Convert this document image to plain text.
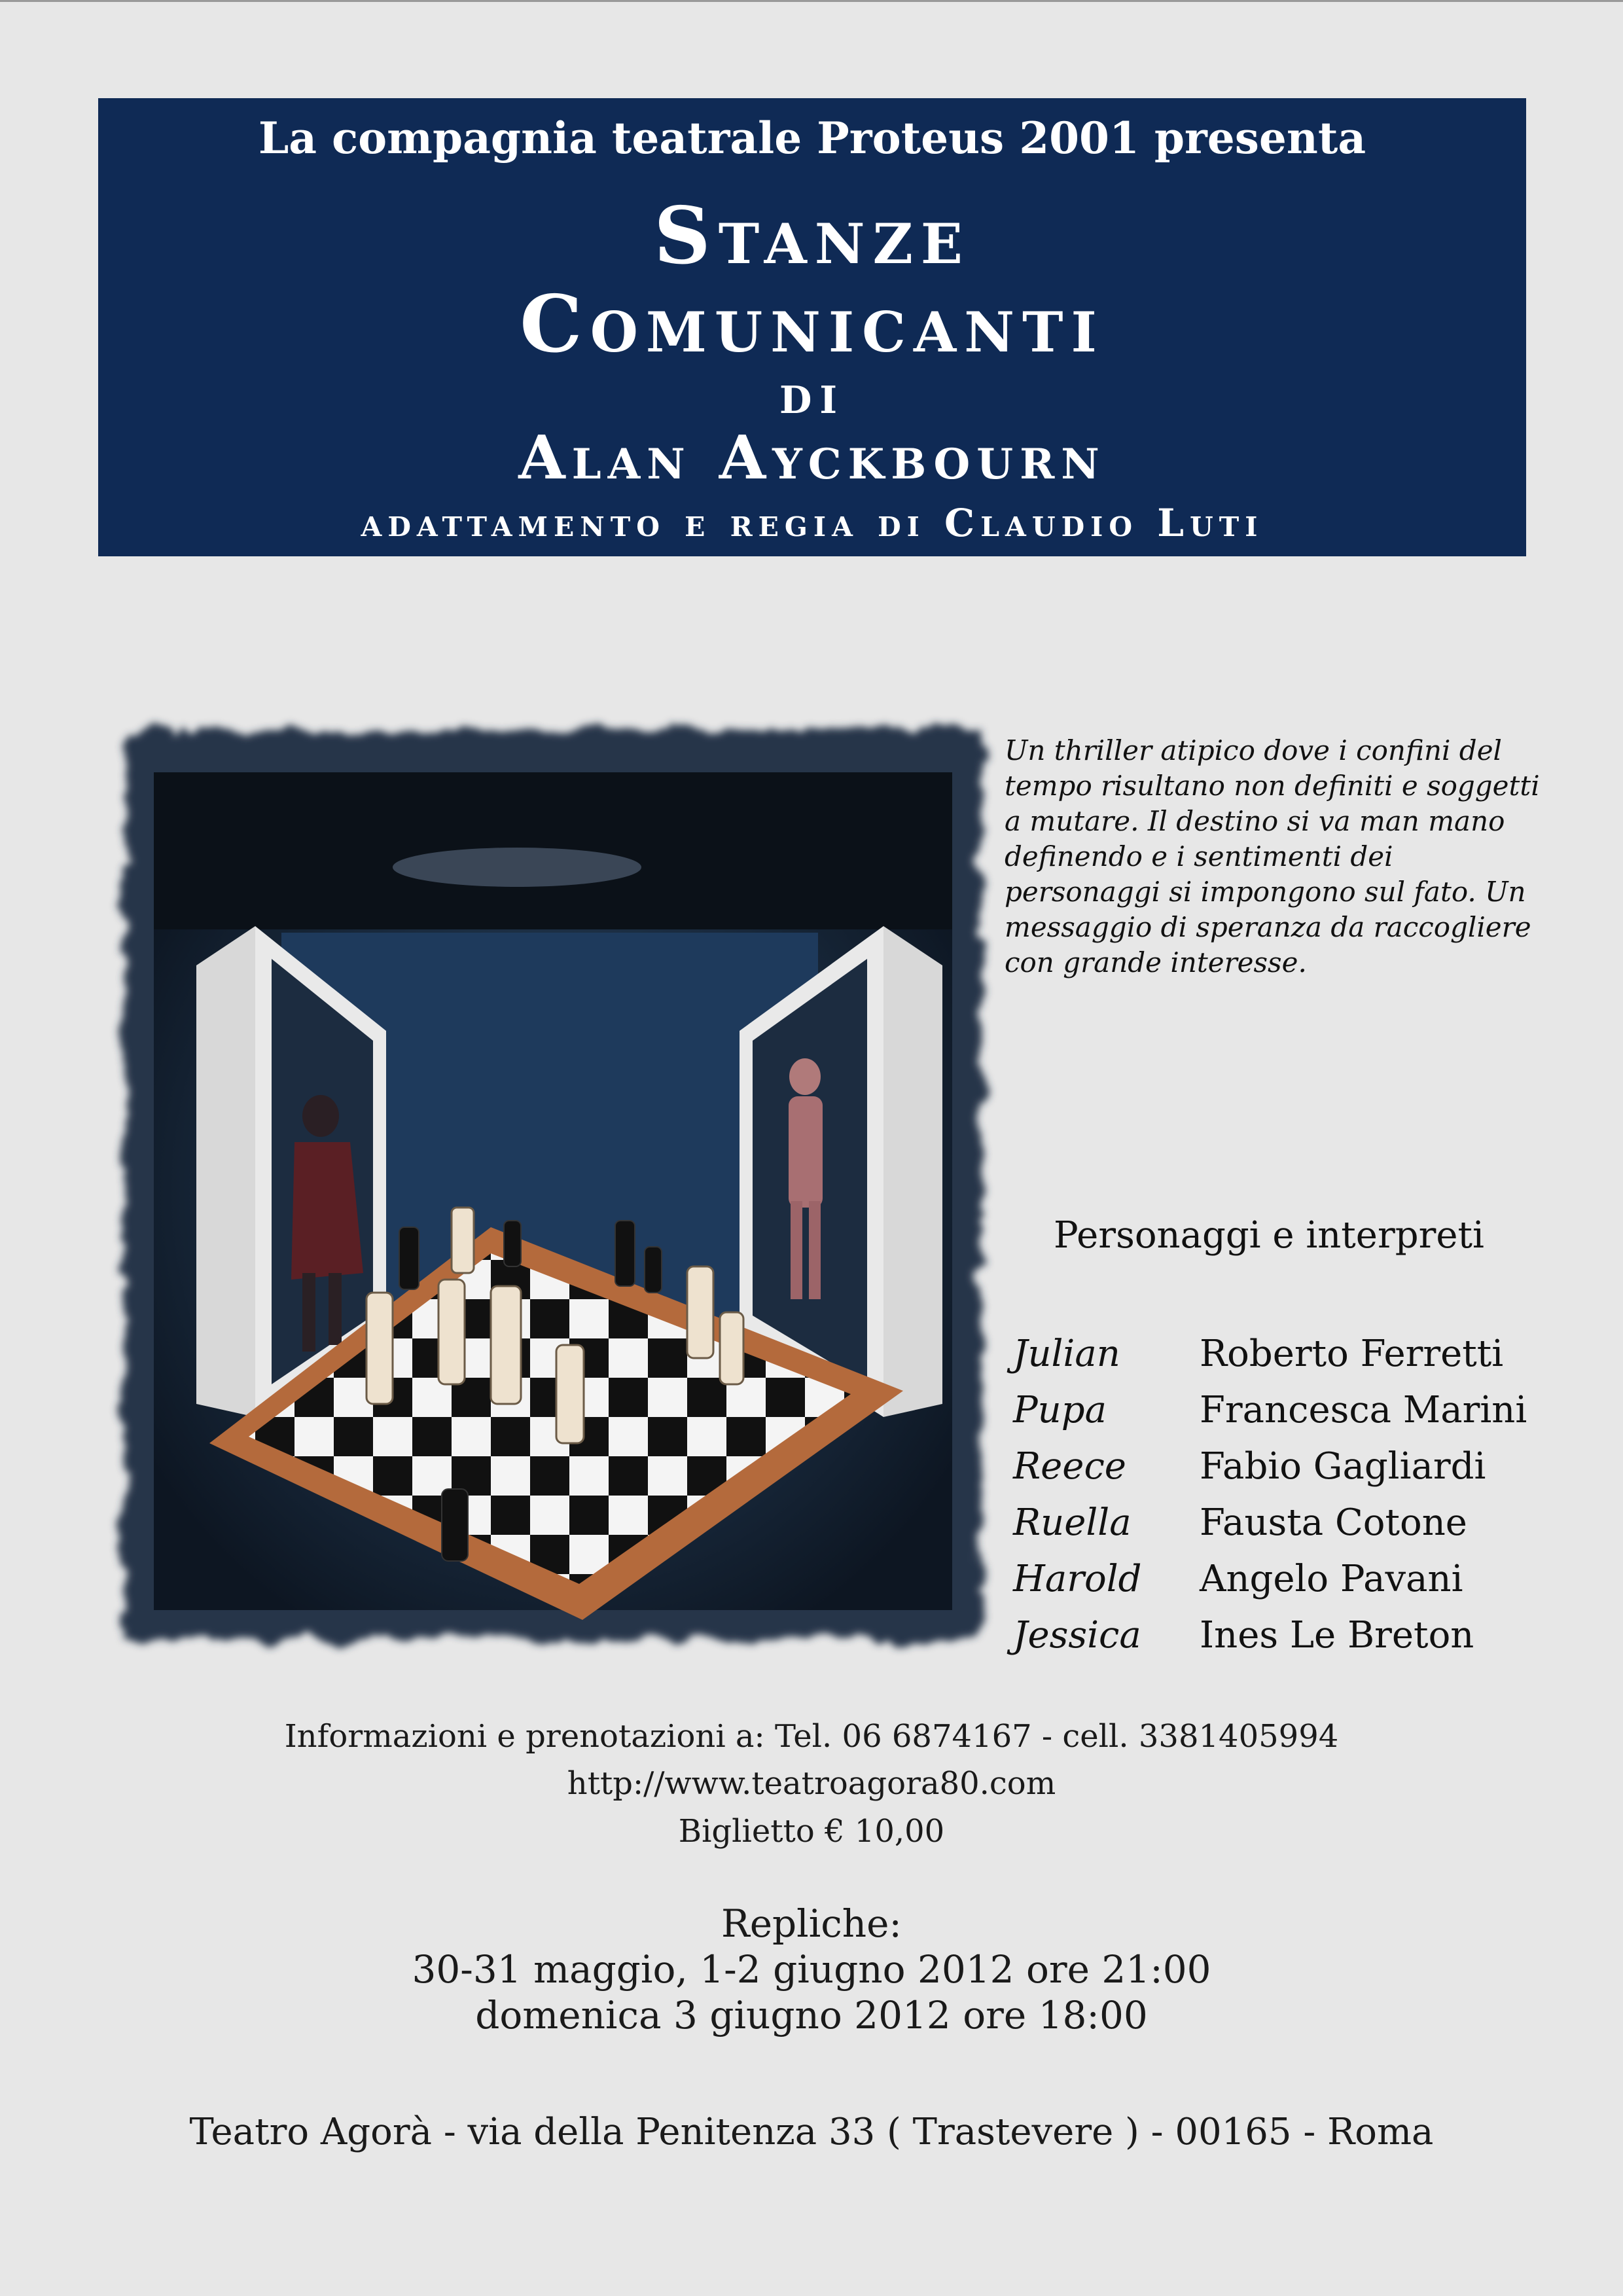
La compagnia teatrale Proteus 2001 presenta
Stanze
Comunicanti
di
Alan Ayckbourn
adattamento e regia di Claudio Luti
Un thriller atipico dove i confini del tempo risultano non definiti e soggetti a mutare. Il destino si va man mano definendo e i sentimenti dei personaggi si impongono sul fato. Un messaggio di speranza da raccogliere con grande interesse.
Personaggi e interpreti
Julian	Roberto Ferretti
Pupa	Francesca Marini
Reece	Fabio Gagliardi
Ruella	Fausta Cotone
Harold	Angelo Pavani
Jessica	Ines Le Breton
Informazioni e prenotazioni a: Tel. 06 6874167 - cell. 3381405994
http://www.teatroagora80.com
Biglietto € 10,00
Repliche:
30-31 maggio, 1-2 giugno 2012 ore 21:00
domenica 3 giugno 2012 ore 18:00
Teatro Agorà - via della Penitenza 33 ( Trastevere ) - 00165 - Roma
